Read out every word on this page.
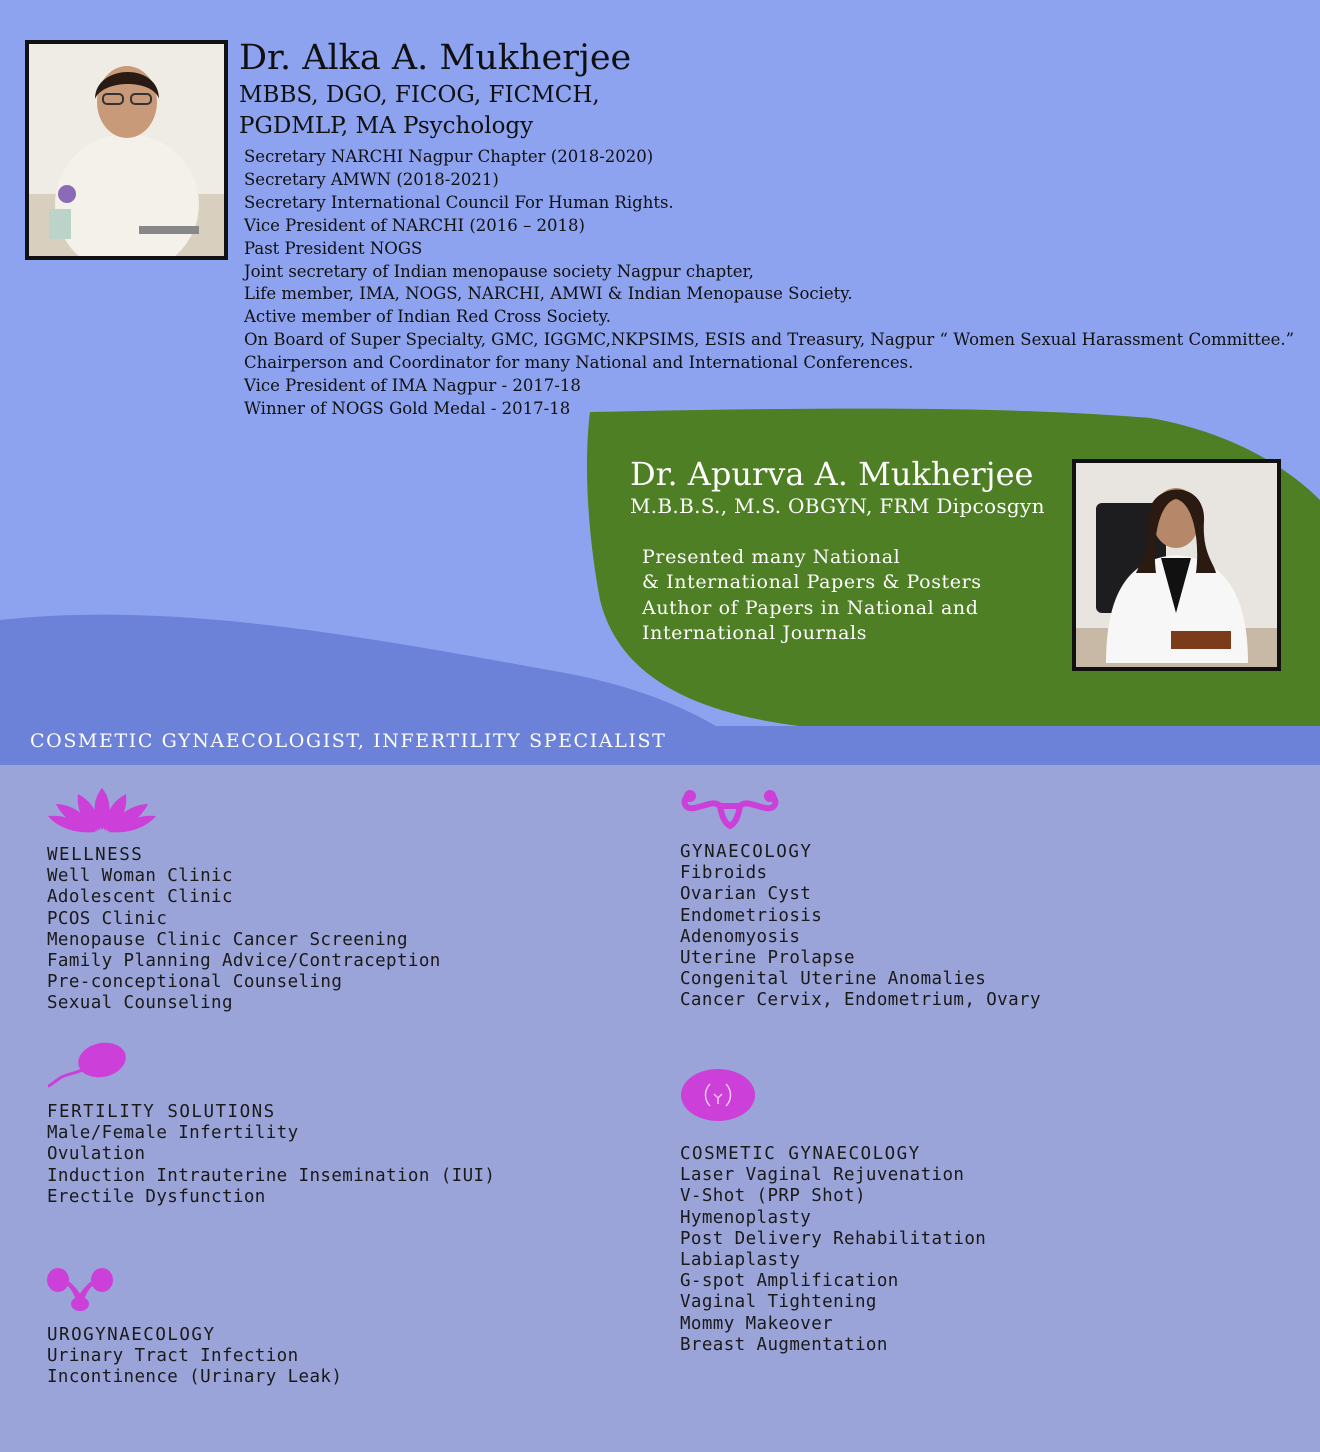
Dr. Alka A. Mukherjee
MBBS, DGO, FICOG, FICMCH,
PGDMLP, MA Psychology
Secretary NARCHI Nagpur Chapter (2018-2020)
Secretary AMWN (2018-2021)
Secretary International Council For Human Rights.
Vice President of NARCHI (2016 – 2018)
Past President NOGS
Joint secretary of Indian menopause society Nagpur chapter,
Life member, IMA, NOGS, NARCHI, AMWI & Indian Menopause Society.
Active member of Indian Red Cross Society.
On Board of Super Specialty, GMC, IGGMC,NKPSIMS, ESIS and Treasury, Nagpur “ Women Sexual Harassment Committee.”
Chairperson and Coordinator for many National and International Conferences.
Vice President of IMA Nagpur - 2017-18
Winner of NOGS Gold Medal - 2017-18
Dr. Apurva A. Mukherjee
M.B.B.S., M.S. OBGYN, FRM Dipcosgyn
Presented many National
& International Papers & Posters
Author of Papers in National and
International Journals
COSMETIC GYNAECOLOGIST, INFERTILITY SPECIALIST
WELLNESS
Well Woman Clinic
Adolescent Clinic
PCOS Clinic
Menopause Clinic Cancer Screening
Family Planning Advice/Contraception
Pre-conceptional Counseling
Sexual Counseling
GYNAECOLOGY
Fibroids
Ovarian Cyst
Endometriosis
Adenomyosis
Uterine Prolapse
Congenital Uterine Anomalies
Cancer Cervix, Endometrium, Ovary
FERTILITY SOLUTIONS
Male/Female Infertility
Ovulation
Induction Intrauterine Insemination (IUI)
Erectile Dysfunction
COSMETIC GYNAECOLOGY
Laser Vaginal Rejuvenation
V-Shot (PRP Shot)
Hymenoplasty
Post Delivery Rehabilitation
Labiaplasty
G-spot Amplification
Vaginal Tightening
Mommy Makeover
Breast Augmentation
UROGYNAECOLOGY
Urinary Tract Infection
Incontinence (Urinary Leak)
